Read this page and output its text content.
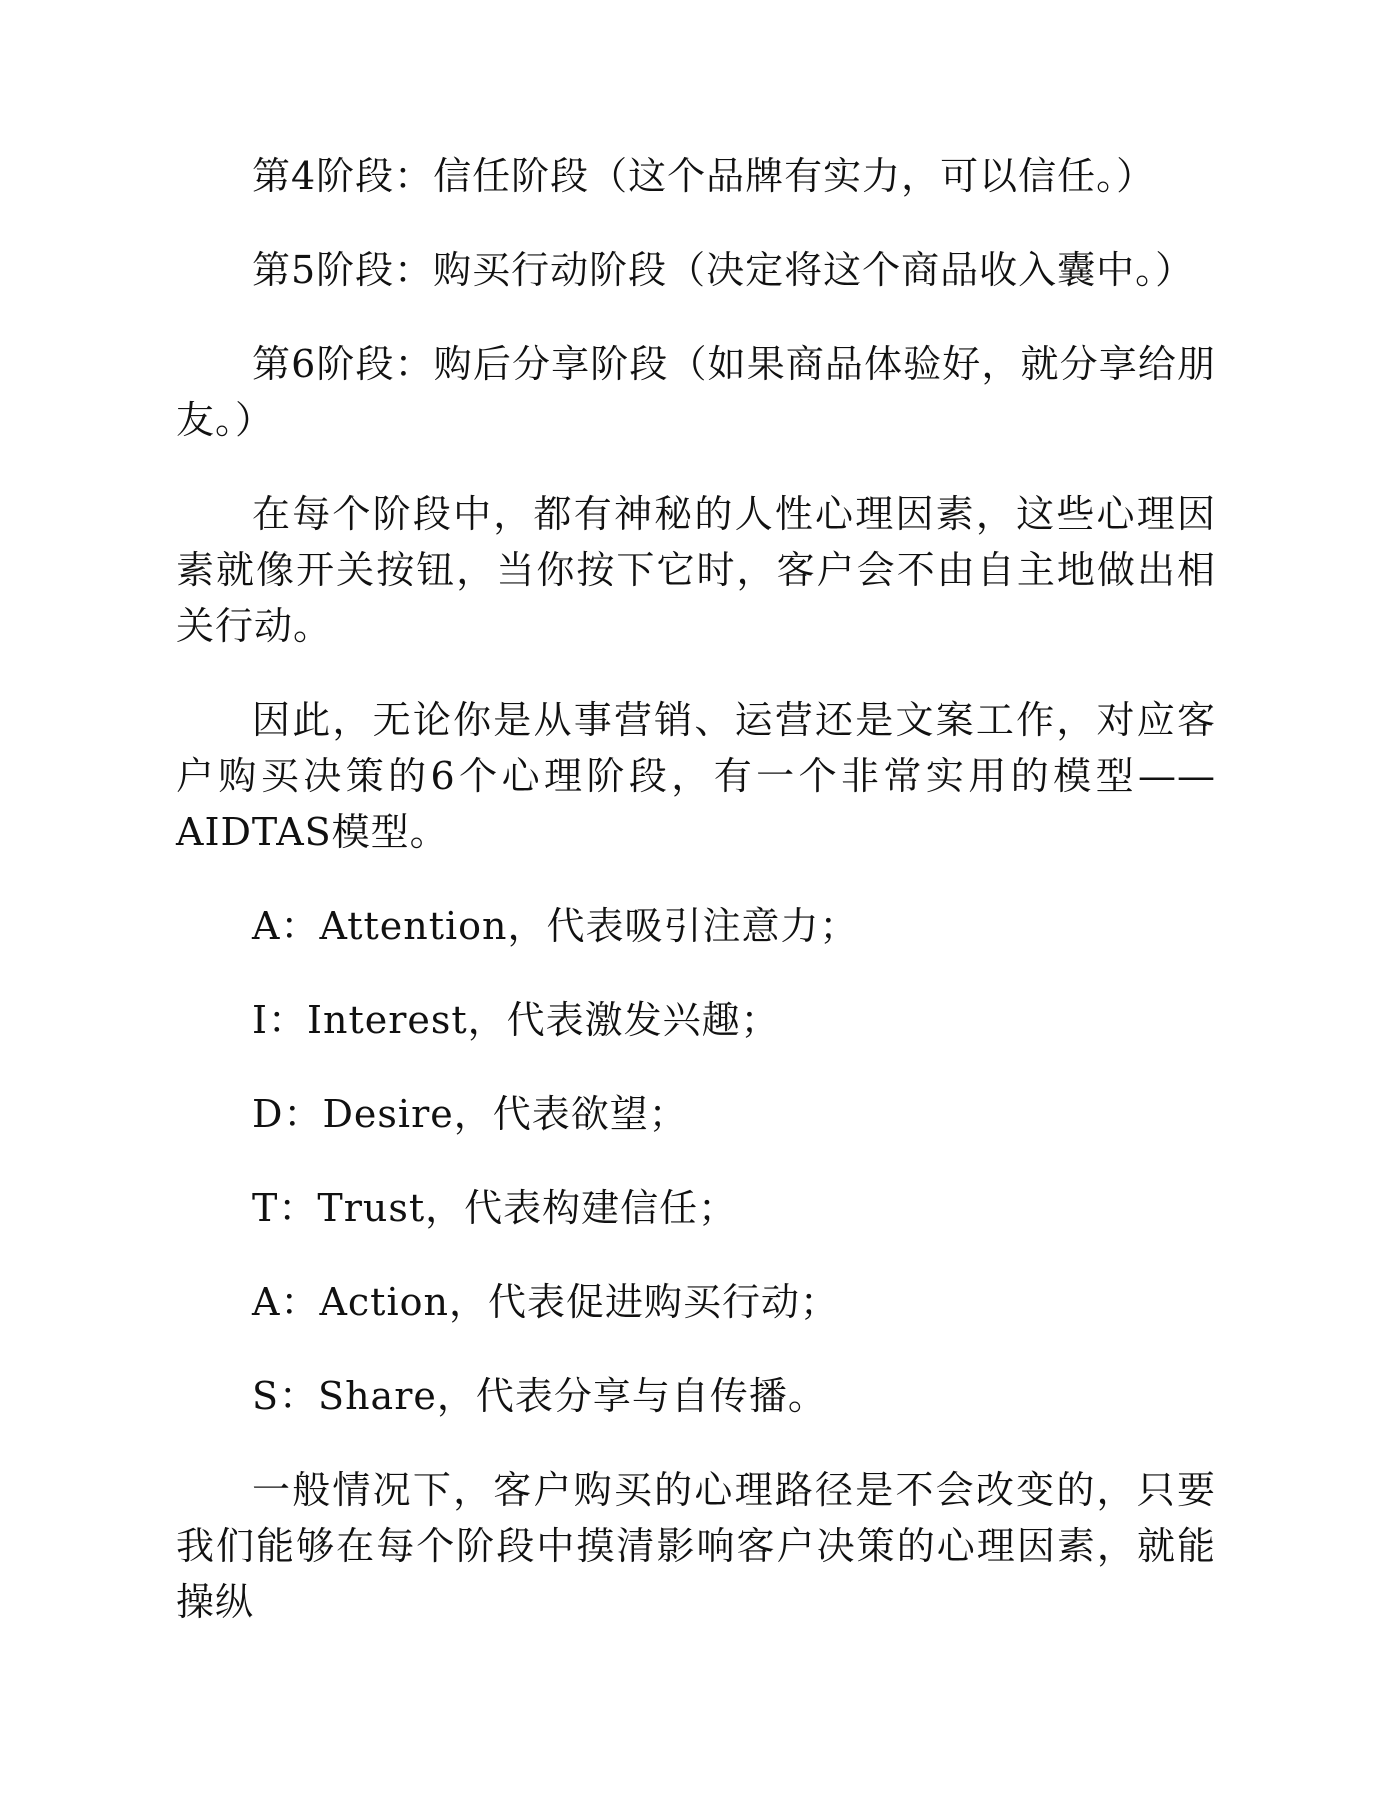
第4阶段：信任阶段（这个品牌有实力，可以信任。）

第5阶段：购买行动阶段（决定将这个商品收入囊中。）

第6阶段：购后分享阶段（如果商品体验好，就分享给朋友。）

在每个阶段中，都有神秘的人性心理因素，这些心理因素就像开关按钮，当你按下它时，客户会不由自主地做出相关行动。

因此，无论你是从事营销、运营还是文案工作，对应客户购买决策的6个心理阶段，有一个非常实用的模型——AIDTAS模型。

A：Attention，代表吸引注意力；

I：Interest，代表激发兴趣；

D：Desire，代表欲望；

T：Trust，代表构建信任；

A：Action，代表促进购买行动；

S：Share，代表分享与自传播。

一般情况下，客户购买的心理路径是不会改变的，只要我们能够在每个阶段中摸清影响客户决策的心理因素，就能操纵
